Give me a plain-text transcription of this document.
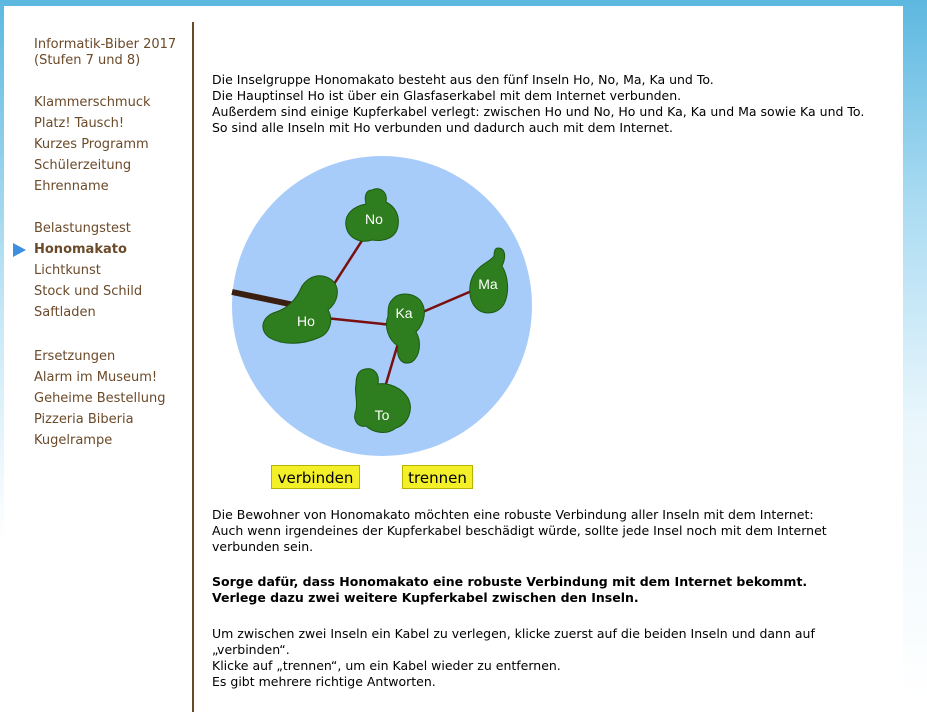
Informatik-Biber 2017
(Stufen 7 und 8)
Klammerschmuck
Platz! Tausch!
Kurzes Programm
Schülerzeitung
Ehrenname
Belastungstest
Honomakato
Lichtkunst
Stock und Schild
Saftladen
Ersetzungen
Alarm im Museum!
Geheime Bestellung
Pizzeria Biberia
Kugelrampe

Die Inselgruppe Honomakato besteht aus den fünf Inseln Ho, No, Ma, Ka und To.

Die Hauptinsel Ho ist über ein Glasfaserkabel mit dem Internet verbunden.

Außerdem sind einige Kupferkabel verlegt: zwischen Ho und No, Ho und Ka, Ka und Ma sowie Ka und To.

So sind alle Inseln mit Ho verbunden und dadurch auch mit dem Internet.

No
Ho	Ka
Ma
To
verbinden	trennen

Die Bewohner von Honomakato möchten eine robuste Verbindung aller Inseln mit dem Internet:

Auch wenn irgendeines der Kupferkabel beschädigt würde, sollte jede Insel noch mit dem Internet

verbunden sein.

Sorge dafür, dass Honomakato eine robuste Verbindung mit dem Internet bekommt.

Verlege dazu zwei weitere Kupferkabel zwischen den Inseln.

Um zwischen zwei Inseln ein Kabel zu verlegen, klicke zuerst auf die beiden Inseln und dann auf

„verbinden“.

Klicke auf „trennen“, um ein Kabel wieder zu entfernen.

Es gibt mehrere richtige Antworten.
